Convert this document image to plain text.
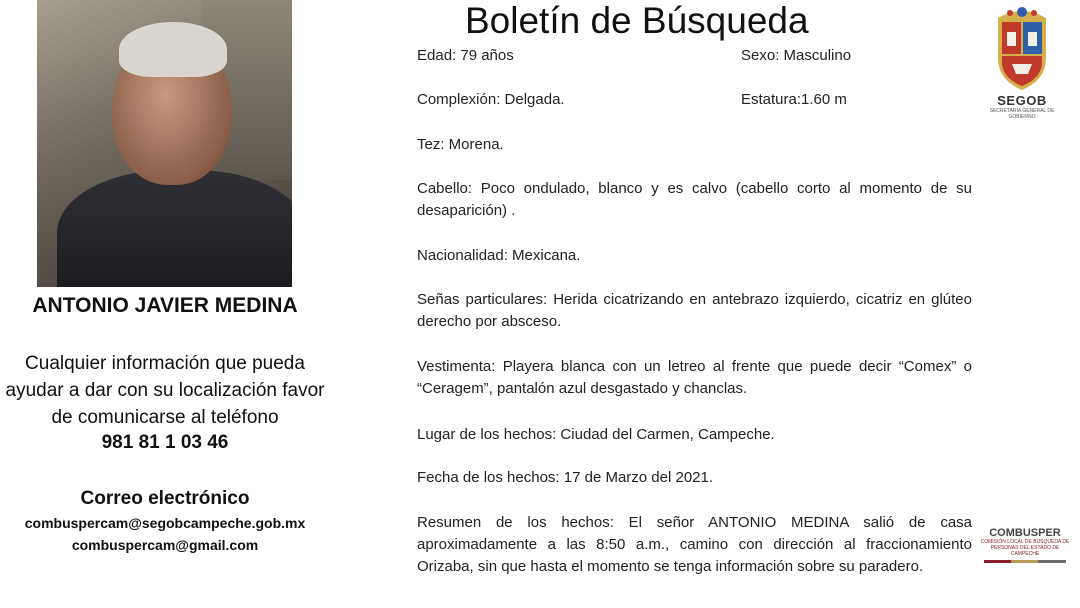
ANTONIO JAVIER MEDINA
Cualquier información que pueda ayudar a dar con su localización favor de comunicarse al teléfono
981 81 1 03 46
Correo electrónico
combuspercam@segobcampeche.gob.mx
combuspercam@gmail.com
Boletín de Búsqueda
Edad: 79 años	Sexo: Masculino
Complexión: Delgada.	Estatura:1.60 m
Tez: Morena.
Cabello: Poco ondulado, blanco y es calvo (cabello corto al momento de su desaparición) .
Nacionalidad: Mexicana.
Señas particulares: Herida cicatrizando en antebrazo izquierdo, cicatriz en glúteo derecho por absceso.
Vestimenta: Playera blanca con un letreo al frente que puede decir “Comex” o “Ceragem”, pantalón azul desgastado y chanclas.
Lugar de los hechos: Ciudad del Carmen, Campeche.
Fecha de los hechos: 17 de Marzo del 2021.
Resumen de los hechos: El señor ANTONIO MEDINA salió de casa aproximadamente a las 8:50 a.m., camino con dirección al fraccionamiento Orizaba, sin que hasta el momento se tenga información sobre su paradero.
SEGOB
SECRETARÍA GENERAL DE GOBIERNO
COMBUSPER
COMISIÓN LOCAL DE BÚSQUEDA DE PERSONAS DEL ESTADO DE CAMPECHE
